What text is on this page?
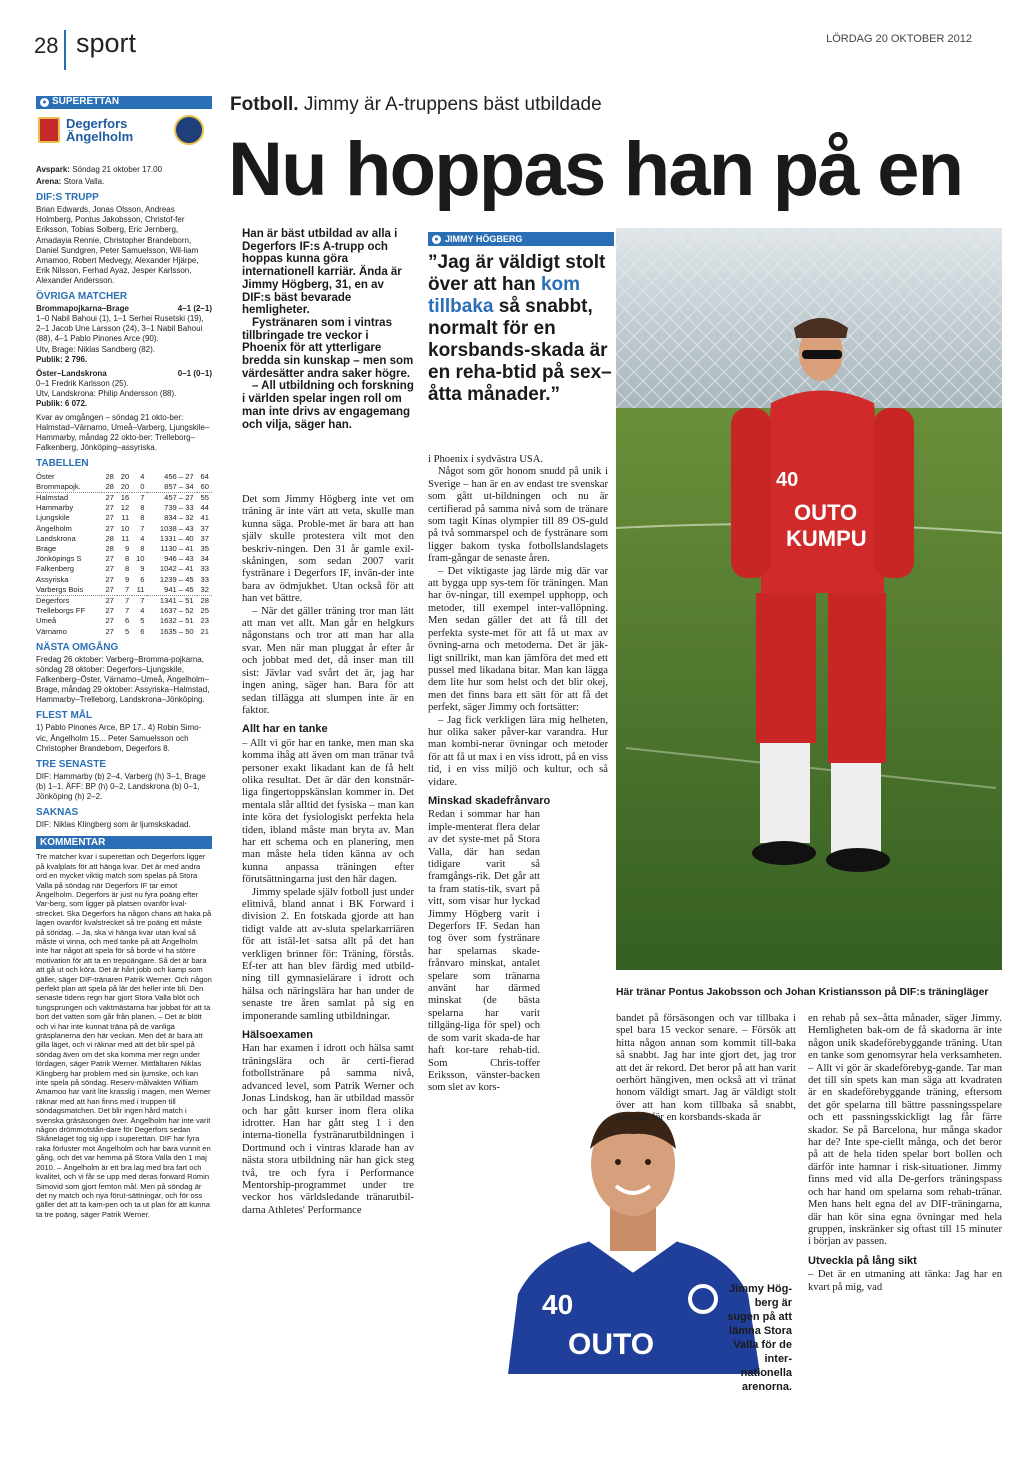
28 sport	LÖRDAG 20 OKTOBER 2012
● SUPERETTAN
Degerfors
Ängelholm
Avspark: Söndag 21 oktober 17.00
Arena: Stora Valla.
DIF:S TRUPP
Brian Edwards, Jonas Olsson, Andreas Holmberg, Pontus Jakobsson, Christof-fer Eriksson, Tobias Solberg, Eric Jernberg, Amadayia Rennie, Christopher Brandeborn, Daniel Sundgren, Peter Samuelsson, Wil-liam Amamoo, Robert Medvegy, Alexander Hjärpe, Erik Nilsson, Ferhad Ayaz, Jesper Karlsson, Alexander Andersson.
ÖVRIGA MATCHER
Brommapojkarna–Brage	4–1 (2–1)
1–0 Nabil Bahoui (1), 1–1 Serhei Rusetski (19), 2–1 Jacob Une Larsson (24), 3–1 Nabil Bahoui (88), 4–1 Pablo Pinones Arce (90).
Utv, Brage: Niklas Sandberg (82).
Publik: 2 796.
Öster–Landskrona	0–1 (0–1)
0–1 Fredrik Karlsson (25).
Utv, Landskrona: Philip Andersson (88).
Publik: 6 072.
Kvar av omgången – söndag 21 okto-ber: Halmstad–Värnamo, Umeå–Varberg, Ljungskile–Hammarby, måndag 22 okto-ber: Trelleborg–Falkenberg, Jönköping–assyriska.
TABELLEN
Öster	28	20	4	456 – 27	64
Brommapojk.	28	20	0	857 – 34	60
Halmstad	27	16	7	457 – 27	55
Hammarby	27	12	8	739 – 33	44
Ljungskile	27	11	8	834 – 32	41
Ängelholm	27	10	7	1038 – 43	37
Landskrona	28	11	4	1331 – 40	37
Brage	28	9	8	1130 – 41	35
Jönköpings S	27	8	10	946 – 43	34
Falkenberg	27	8	9	1042 – 41	33
Assyriska	27	9	6	1239 – 45	33
Varbergs Bois	27	7	11	941 – 45	32
Degerfors	27	7	7	1341 – 51	28
Trelleborgs FF	27	7	4	1637 – 52	25
Umeå	27	6	5	1632 – 51	23
Värnamo	27	5	6	1635 – 50	21
NÄSTA OMGÅNG
Fredag 26 oktober: Varberg–Bromma-pojkarna, söndag 28 oktober: Degerfors–Ljungskile, Falkenberg–Öster, Värnamo–Umeå, Ängelholm–Brage, måndag 29 oktober: Assyriska–Halmstad, Hammarby–Trelleborg, Landskrona–Jönköping.
FLEST MÅL
1) Pablo Pinones Arce, BP 17.. 4) Robin Simo-vic, Ängelholm 15... Peter Samuelsson och Christopher Brandeborn, Degerfors 8.
TRE SENASTE
DIF: Hammarby (b) 2–4, Varberg (h) 3–1, Brage (b) 1–1. ÄFF: BP (h) 0–2, Landskrona (b) 0–1, Jönköping (h) 2–2.
SAKNAS
DIF: Niklas Klingberg som är ljumskskadad.
KOMMENTAR
Tre matcher kvar i superettan och Degerfors ligger på kvalplats för att hänga kvar. Det är med andra ord en mycket viktig match som spelas på Stora Valla på söndag när Degerfors IF tar emot Ängelholm. Degerfors är just nu fyra poäng efter Var-berg, som ligger på platsen ovanför kval-strecket. Ska Degerfors ha någon chans att haka på lagen ovanför kvalstrecket så tre poäng ett måste på söndag. – Ja, ska vi hänga kvar utan kval så måste vi vinna, och med tanke på att Ängelholm inte har något att spela för så borde vi ha större motivation för att ta en trepoängare. Så det är bara att gå ut och köra. Det är hårt jobb och kamp som gäller, säger DIF-tränaren Patrik Werner. Och någon perfekt plan att spela på lär det heller inte bli. Den senaste tidens regn har gjort Stora Valla blöt och tungsprungen och vaktmästarna har jobbat för att ta bort det vatten som går från planen. – Det är blött och vi har inte kunnat träna på de vanliga gräsplanerna den här veckan. Men det är bara att gilla läget, och vi räknar med att det blir spel på söndag även om det ska komma mer regn under lördagen, säger Patrik Werner. Mittfältaren Niklas Klingberg har problem med sin ljumske, och kan inte spela på söndag. Reserv-målvakten William Amamoo har varit lite krasslig i magen, men Werner räknar med att han finns med i truppen till söndagsmatchen. Det blir ingen hård match i svenska gräsäsongen över. Ängelholm har inte varit någon drömmotstån-dare för Degerfors sedan Skånelaget tog sig upp i superettan. DIF har fyra raka förluster mot Ängelholm och har bara vunnit en gång, och det var hemma på Stora Valla den 1 maj 2010. – Ängelholm är ett bra lag med bra fart och kvalitet, och vi får se upp med deras forward Romin Simovid som gjort femton mål. Men på söndag är det ny match och nya förut-sättningar, och för oss gäller det att ta kam-pen och ta ut plan för att kunna ta tre poäng, säger Patrik Werner.
Fotboll. Jimmy är A-truppens bäst utbildade
Nu hoppas han på en
Han är bäst utbildad av alla i Degerfors IF:s A-trupp och hoppas kunna göra internationell karriär. Ända är Jimmy Högberg, 31, en av DIF:s bäst bevarade hemligheter.
Fystränaren som i vintras tillbringade tre veckor i Phoenix för att ytterligare bredda sin kunskap – men som värdesätter andra saker högre.
– All utbildning och forskning i världen spelar ingen roll om man inte drivs av engagemang och vilja, säger han.
● JIMMY HÖGBERG
”Jag är väldigt stolt över att han kom tillbaka så snabbt, normalt för en korsbands-skada är en reha-btid på sex–åtta månader.”
40
OUTO
KUMPU
Här tränar Pontus Jakobsson och Johan Kristiansson på DIF:s träningläger

Det som Jimmy Högberg inte vet om träning är inte värt att veta, skulle man kunna säga. Proble-met är bara att han själv skulle protestera vilt mot den beskriv-ningen. Den 31 år gamle exil-skåningen, som sedan 2007 varit fystränare i Degerfors IF, invän-der inte bara av ödmjukhet. Utan också för att han vet bättre.

– När det gäller träning tror man lätt att man vet allt. Man går en helgkurs någonstans och tror att man har alla svar. Men när man pluggat år efter år och jobbat med det, då inser man till sist: Jävlar vad svårt det är, jag har ingen aning, säger han. Bara för att sedan tillägga att slumpen inte är en faktor.

Allt har en tanke

– Allt vi gör har en tanke, men man ska komma ihåg att även om man tränar två personer exakt likadant kan de få helt olika resultat. Det är där den konstnär-liga fingertoppskänslan kommer in. Det mentala slår alltid det fysiska – man kan inte köra det fysiologiskt perfekta hela tiden, ibland måste man bryta av. Man har ett schema och en planering, men man måste hela tiden känna av och kunna anpassa träningen efter förutsättningarna just den här dagen.

Jimmy spelade själv fotboll just under elitnivå, bland annat i BK Forward i division 2. En fotskada gjorde att han tidigt valde att av-sluta spelarkarriären för att istäl-let satsa allt på det han verkligen brinner för: Träning, förstås. Ef-ter att han blev färdig med utbild-ning till gymnasielärare i idrott och hälsa och näringslära har han under de senaste tre åren samlat på sig en imponerande samling utbildningar.

Hälsoexamen

Han har examen i idrott och hälsa samt träningslära och är certi-fierad fotbollstränare på samma nivå, advanced level, som Patrik Werner och Jonas Lindskog, han är utbildad massör och har gått kurser inom flera olika idrotter. Han har gått steg 1 i den interna-tionella fystränarutbildningen i Dortmund och i vintras klarade han av nästa stora utbildning när han gick steg två, tre och fyra i Performance Mentorship-programmet under tre veckor hos världsledande tränarutbil-darna Athletes' Performance

i Phoenix i sydvästra USA.

Något som gör honom snudd på unik i Sverige – han är en av endast tre svenskar som gått ut-bildningen och nu är certifierad på samma nivå som de tränare som tagit Kinas olympier till 89 OS-guld på två sommarspel och de fystränare som ligger bakom tyska fotbollslandslagets fram-gångar de senaste åren.

– Det viktigaste jag lärde mig där var att bygga upp sys-tem för träningen. Man har öv-ningar, till exempel upphopp, och metoder, till exempel inter-vallöpning. Men sedan gäller det att få till det perfekta syste-met för att få ut max av övning-arna och metoderna. Det är jäk-ligt snillrikt, man kan jämföra det med ett pussel med likadana bitar. Man kan lägga dem lite hur som helst och det blir okej, men det finns bara ett sätt för att få det perfekt, säger Jimmy och fortsätter:

– Jag fick verkligen lära mig helheten, hur olika saker påver-kar varandra. Hur man kombi-nerar övningar och metoder för att få ut max i en viss idrott, på en viss tid, i en viss miljö och kultur, och så vidare.

Minskad skadefrånvaro

Redan i sommar har han imple-menterat flera delar av det syste-met på Stora Valla, där han sedan tidigare varit så framgångs-rik. Det går att ta fram statis-tik, svart på vitt, som visar hur lyckad Jimmy Högberg varit i Degerfors IF. Sedan han tog över som fystränare har spelarnas skade-frånvaro minskat, antalet spelare som tränarna använt har därmed minskat (de bästa spelarna har varit tillgäng-liga för spel) och de som varit skada-de har haft kor-tare rehab-tid. Som Chris-toffer Eriksson, vänster-backen som slet av kors-

40
OUTO
Jimmy Hög-berg är sugen på att lämna Stora Valla för de inter-nationella arenorna.

bandet på försäsongen och var tillbaka i spel bara 15 veckor senare. – Försök att hitta någon annan som kommit till-baka så snabbt. Jag har inte gjort det, jag tror att det är rekord. Det beror på att han varit oerhört hängiven, men också att vi tränat honom väldigt smart. Jag är väldigt stolt över att han kom tillbaka så snabbt, normalt för en korsbands-skada är

en rehab på sex–åtta månader, säger Jimmy. Hemligheten bak-om de få skadorna är inte någon unik skadeförebyggande träning. Utan en tanke som genomsyrar hela verksamheten. – Allt vi gör är skadeförebyg-gande. Tar man det till sin spets kan man säga att kvadraten är en skadeförebyggande träning, eftersom det gör spelarna till bättre passningsspelare och ett passningsskickligt lag får färre skador. Se på Barcelona, hur många skador har de? Inte spe-ciellt många, och det beror på att de hela tiden spelar bort bollen och därför inte hamnar i risk-situationer. Jimmy finns med vid alla De-gerfors träningspass och har hand om spelarna som rehab-tränar. Men hans helt egna del av DIF-träningarna, där han kör sina egna övningar med hela gruppen, inskränker sig oftast till 15 minuter i början av passen.

Utveckla på lång sikt

– Det är en utmaning att tänka: Jag har en kvart på mig, vad
